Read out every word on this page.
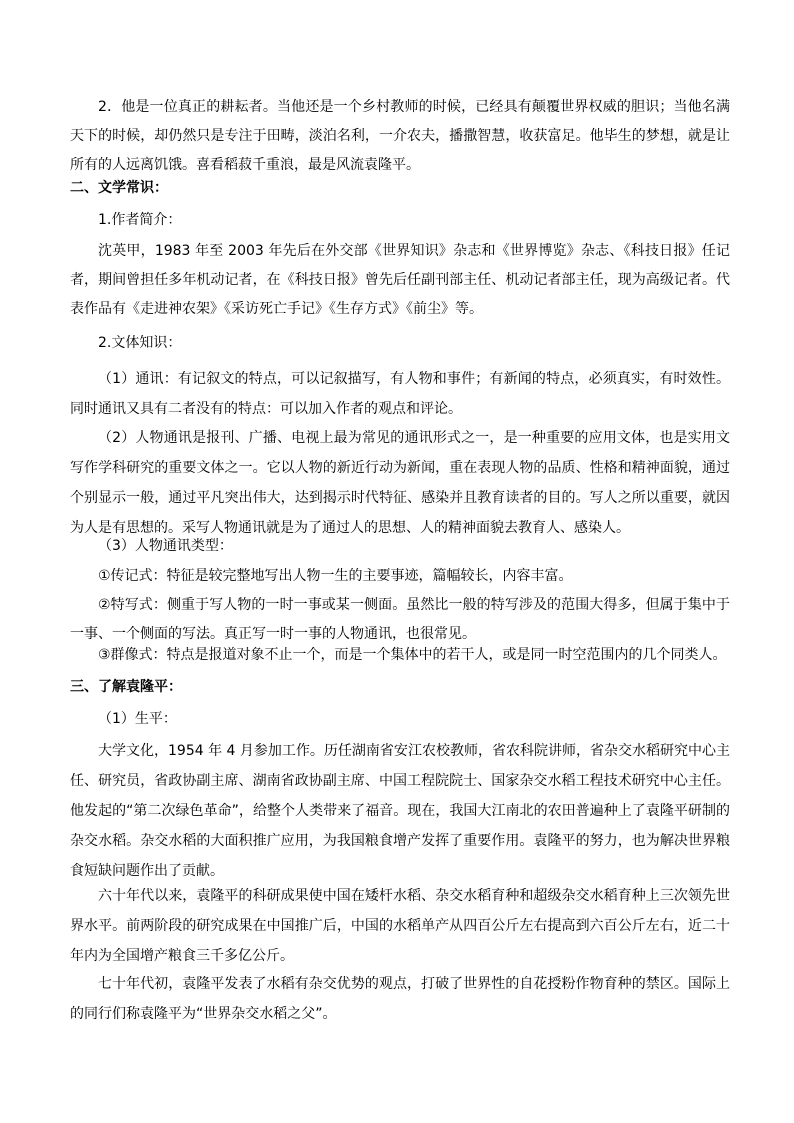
2．他是一位真正的耕耘者。当他还是一个乡村教师的时候，已经具有颠覆世界权威的胆识；当他名满天下的时候，却仍然只是专注于田畴，淡泊名利，一介农夫，播撒智慧，收获富足。他毕生的梦想，就是让所有的人远离饥饿。喜看稻菽千重浪，最是风流袁隆平。

二、文学常识：

1.作者简介：

沈英甲，1983 年至 2003 年先后在外交部《世界知识》杂志和《世界博览》杂志、《科技日报》任记者，期间曾担任多年机动记者，在《科技日报》曾先后任副刊部主任、机动记者部主任，现为高级记者。代表作品有《走进神农架》《采访死亡手记》《生存方式》《前尘》等。

2.文体知识：

（1）通讯：有记叙文的特点，可以记叙描写，有人物和事件；有新闻的特点，必须真实，有时效性。同时通讯又具有二者没有的特点：可以加入作者的观点和评论。

（2）人物通讯是报刊、广播、电视上最为常见的通讯形式之一，是一种重要的应用文体，也是实用文写作学科研究的重要文体之一。它以人物的新近行动为新闻，重在表现人物的品质、性格和精神面貌，通过个别显示一般，通过平凡突出伟大，达到揭示时代特征、感染并且教育读者的目的。写人之所以重要，就因为人是有思想的。采写人物通讯就是为了通过人的思想、人的精神面貌去教育人、感染人。

（3）人物通讯类型：

①传记式：特征是较完整地写出人物一生的主要事迹，篇幅较长，内容丰富。

②特写式：侧重于写人物的一时一事或某一侧面。虽然比一般的特写涉及的范围大得多，但属于集中于一事、一个侧面的写法。真正写一时一事的人物通讯，也很常见。

③群像式：特点是报道对象不止一个，而是一个集体中的若干人，或是同一时空范围内的几个同类人。

三、了解袁隆平：

（1）生平：

大学文化，1954 年 4 月参加工作。历任湖南省安江农校教师，省农科院讲师，省杂交水稻研究中心主任、研究员，省政协副主席、湖南省政协副主席、中国工程院院士、国家杂交水稻工程技术研究中心主任。他发起的“第二次绿色革命”，给整个人类带来了福音。现在，我国大江南北的农田普遍种上了袁隆平研制的杂交水稻。杂交水稻的大面积推广应用，为我国粮食增产发挥了重要作用。袁隆平的努力，也为解决世界粮食短缺问题作出了贡献。

六十年代以来，袁隆平的科研成果使中国在矮杆水稻、杂交水稻育种和超级杂交水稻育种上三次领先世界水平。前两阶段的研究成果在中国推广后，中国的水稻单产从四百公斤左右提高到六百公斤左右，近二十年内为全国增产粮食三千多亿公斤。

七十年代初，袁隆平发表了水稻有杂交优势的观点，打破了世界性的自花授粉作物育种的禁区。国际上的同行们称袁隆平为“世界杂交水稻之父”。
